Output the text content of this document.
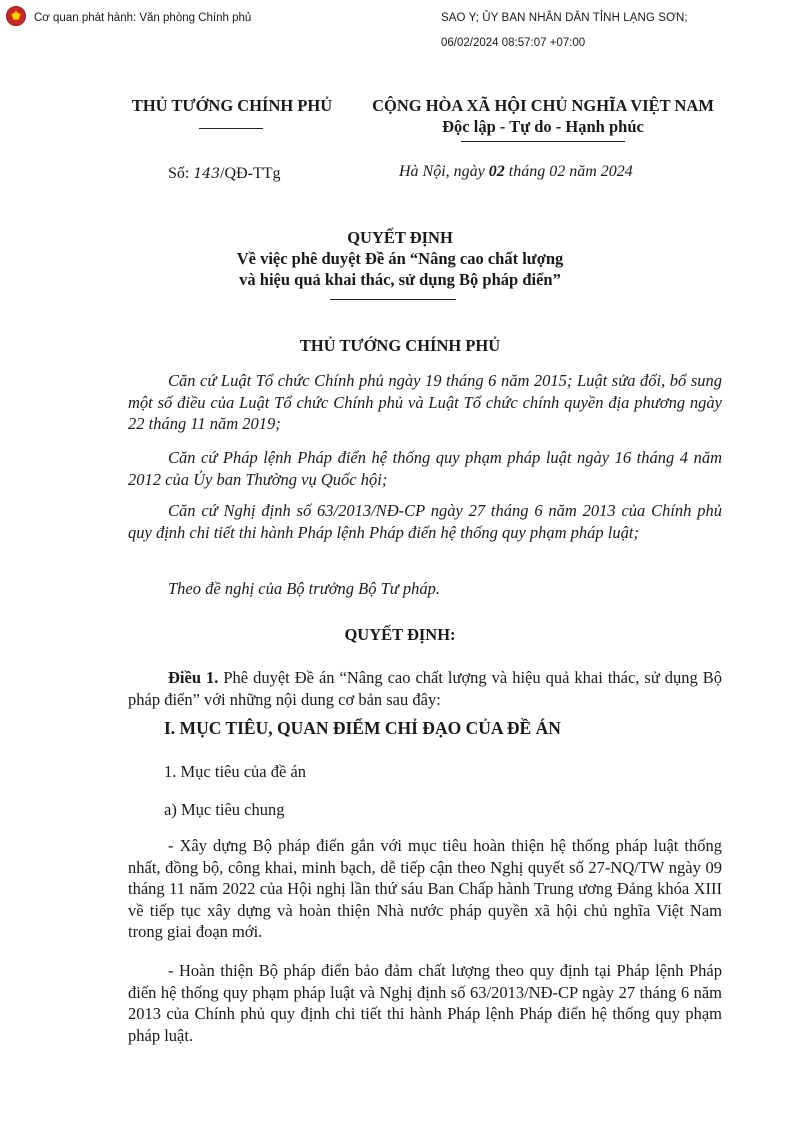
★ Cơ quan phát hành: Văn phòng Chính phủ	SAO Y; ỦY BAN NHÂN DÂN TỈNH LẠNG SƠN;
06/02/2024 08:57:07 +07:00
THỦ TƯỚNG CHÍNH PHỦ	CỘNG HÒA XÃ HỘI CHỦ NGHĨA VIỆT NAM
Độc lập - Tự do - Hạnh phúc
Số: 143/QĐ-TTg	Hà Nội, ngày 02 tháng 02 năm 2024
QUYẾT ĐỊNH
Về việc phê duyệt Đề án “Nâng cao chất lượng
và hiệu quả khai thác, sử dụng Bộ pháp điển”
THỦ TƯỚNG CHÍNH PHỦ
Căn cứ Luật Tổ chức Chính phủ ngày 19 tháng 6 năm 2015; Luật sửa đổi, bổ sung một số điều của Luật Tổ chức Chính phủ và Luật Tổ chức chính quyền địa phương ngày 22 tháng 11 năm 2019;
Căn cứ Pháp lệnh Pháp điển hệ thống quy phạm pháp luật ngày 16 tháng 4 năm 2012 của Ủy ban Thường vụ Quốc hội;
Căn cứ Nghị định số 63/2013/NĐ-CP ngày 27 tháng 6 năm 2013 của Chính phủ quy định chi tiết thi hành Pháp lệnh Pháp điển hệ thống quy phạm pháp luật;
Theo đề nghị của Bộ trưởng Bộ Tư pháp.
QUYẾT ĐỊNH:
Điều 1. Phê duyệt Đề án “Nâng cao chất lượng và hiệu quả khai thác, sử dụng Bộ pháp điển” với những nội dung cơ bản sau đây:
I. MỤC TIÊU, QUAN ĐIỂM CHỈ ĐẠO CỦA ĐỀ ÁN
1. Mục tiêu của đề án
a) Mục tiêu chung
- Xây dựng Bộ pháp điển gắn với mục tiêu hoàn thiện hệ thống pháp luật thống nhất, đồng bộ, công khai, minh bạch, dễ tiếp cận theo Nghị quyết số 27-NQ/TW ngày 09 tháng 11 năm 2022 của Hội nghị lần thứ sáu Ban Chấp hành Trung ương Đảng khóa XIII về tiếp tục xây dựng và hoàn thiện Nhà nước pháp quyền xã hội chủ nghĩa Việt Nam trong giai đoạn mới.
- Hoàn thiện Bộ pháp điển bảo đảm chất lượng theo quy định tại Pháp lệnh Pháp điển hệ thống quy phạm pháp luật và Nghị định số 63/2013/NĐ-CP ngày 27 tháng 6 năm 2013 của Chính phủ quy định chi tiết thi hành Pháp lệnh Pháp điển hệ thống quy phạm pháp luật.
